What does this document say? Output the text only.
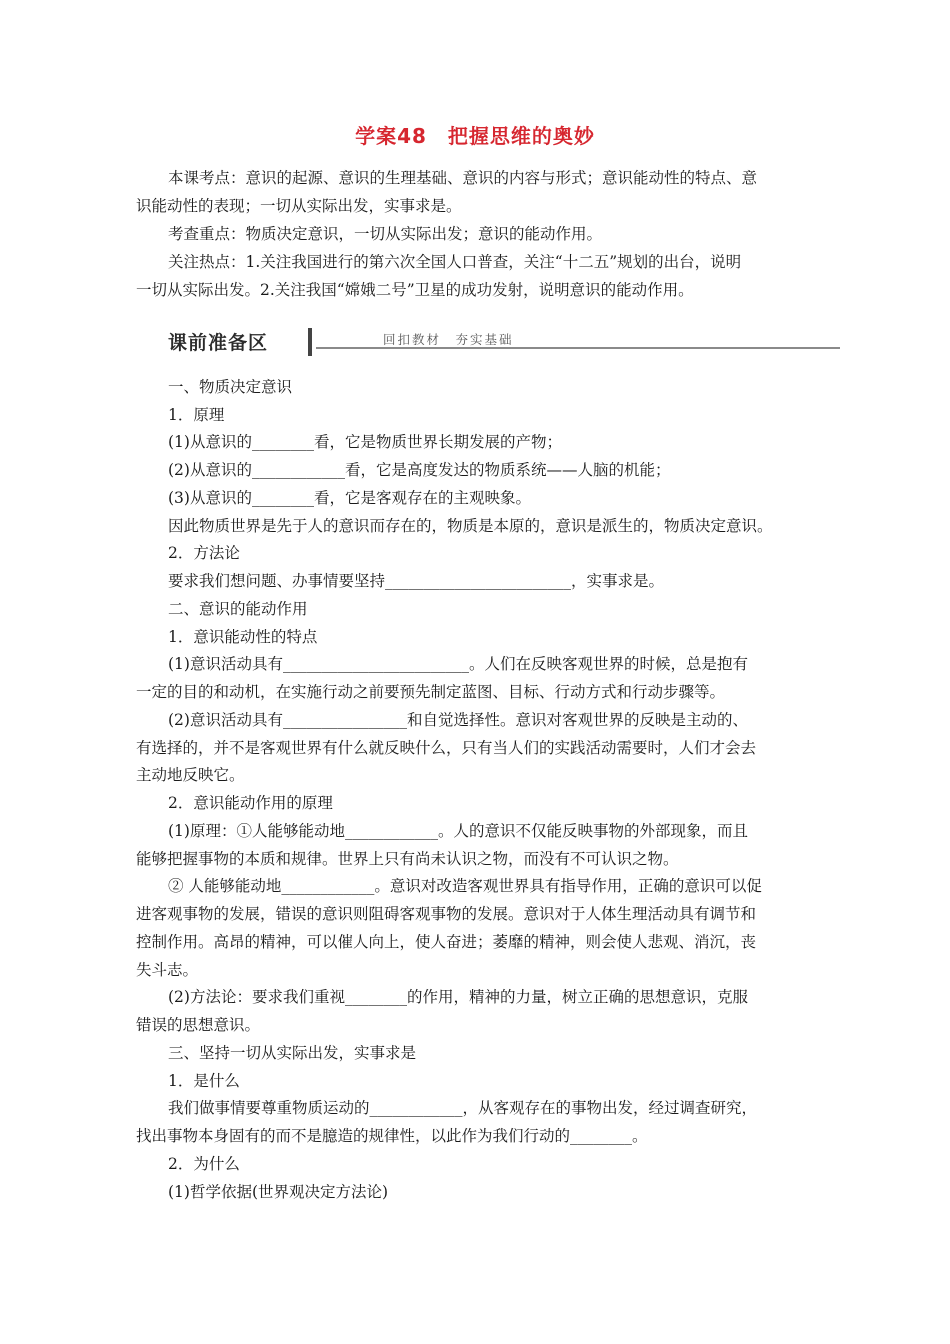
学案48　把握思维的奥妙
本课考点：意识的起源、意识的生理基础、意识的内容与形式；意识能动性的特点、意
识能动性的表现；一切从实际出发，实事求是。
考查重点：物质决定意识，一切从实际出发；意识的能动作用。
关注热点：1.关注我国进行的第六次全国人口普查，关注“十二五”规划的出台，说明
一切从实际出发。2.关注我国“嫦娥二号”卫星的成功发射，说明意识的能动作用。
课前准备区	回扣教材　夯实基础
一、物质决定意识
1．原理
(1)从意识的________看，它是物质世界长期发展的产物；
(2)从意识的____________看，它是高度发达的物质系统——人脑的机能；
(3)从意识的________看，它是客观存在的主观映象。
因此物质世界是先于人的意识而存在的，物质是本原的，意识是派生的，物质决定意识。
2．方法论
要求我们想问题、办事情要坚持________________________，实事求是。
二、意识的能动作用
1．意识能动性的特点
(1)意识活动具有________________________。人们在反映客观世界的时候，总是抱有
一定的目的和动机，在实施行动之前要预先制定蓝图、目标、行动方式和行动步骤等。
(2)意识活动具有________________和自觉选择性。意识对客观世界的反映是主动的、
有选择的，并不是客观世界有什么就反映什么，只有当人们的实践活动需要时，人们才会去
主动地反映它。
2．意识能动作用的原理
(1)原理：①人能够能动地____________。人的意识不仅能反映事物的外部现象，而且
能够把握事物的本质和规律。世界上只有尚未认识之物，而没有不可认识之物。
② 人能够能动地____________。意识对改造客观世界具有指导作用，正确的意识可以促
进客观事物的发展，错误的意识则阻碍客观事物的发展。意识对于人体生理活动具有调节和
控制作用。高昂的精神，可以催人向上，使人奋进；萎靡的精神，则会使人悲观、消沉，丧
失斗志。
(2)方法论：要求我们重视________的作用，精神的力量，树立正确的思想意识，克服
错误的思想意识。
三、坚持一切从实际出发，实事求是
1．是什么
我们做事情要尊重物质运动的____________，从客观存在的事物出发，经过调查研究，
找出事物本身固有的而不是臆造的规律性，以此作为我们行动的________。
2．为什么
(1)哲学依据(世界观决定方法论)
